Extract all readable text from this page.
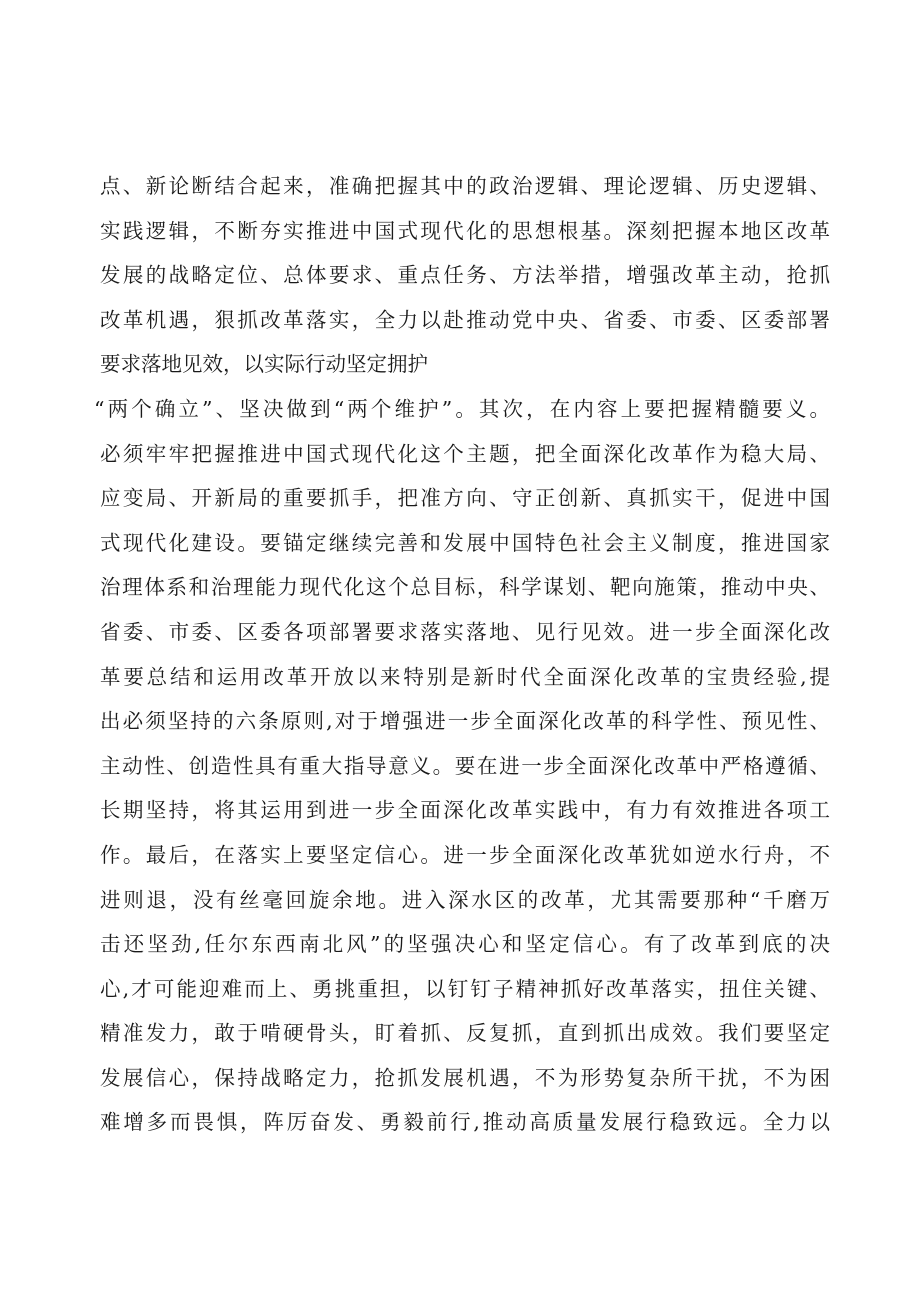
点、新论断结合起来，准确把握其中的政治逻辑、理论逻辑、历史逻辑、
实践逻辑，不断夯实推进中国式现代化的思想根基。深刻把握本地区改革
发展的战略定位、总体要求、重点任务、方法举措，增强改革主动，抢抓
改革机遇，狠抓改革落实，全力以赴推动党中央、省委、市委、区委部署
要求落地见效，以实际行动坚定拥护
“两个确立”、坚决做到“两个维护”。其次，在内容上要把握精髓要义。
必须牢牢把握推进中国式现代化这个主题，把全面深化改革作为稳大局、
应变局、开新局的重要抓手，把准方向、守正创新、真抓实干，促进中国
式现代化建设。要锚定继续完善和发展中国特色社会主义制度，推进国家
治理体系和治理能力现代化这个总目标，科学谋划、靶向施策，推动中央、
省委、市委、区委各项部署要求落实落地、见行见效。进一步全面深化改
革要总结和运用改革开放以来特别是新时代全面深化改革的宝贵经验,提
出必须坚持的六条原则,对于增强进一步全面深化改革的科学性、预见性、
主动性、创造性具有重大指导意义。要在进一步全面深化改革中严格遵循、
长期坚持，将其运用到进一步全面深化改革实践中，有力有效推进各项工
作。最后，在落实上要坚定信心。进一步全面深化改革犹如逆水行舟，不
进则退，没有丝毫回旋余地。进入深水区的改革，尤其需要那种“千磨万
击还坚劲,任尔东西南北风”的坚强决心和坚定信心。有了改革到底的决
心,才可能迎难而上、勇挑重担，以钉钉子精神抓好改革落实，扭住关键、
精准发力，敢于啃硬骨头，盯着抓、反复抓，直到抓出成效。我们要坚定
发展信心，保持战略定力，抢抓发展机遇，不为形势复杂所干扰，不为困
难增多而畏惧，阵厉奋发、勇毅前行,推动高质量发展行稳致远。全力以
